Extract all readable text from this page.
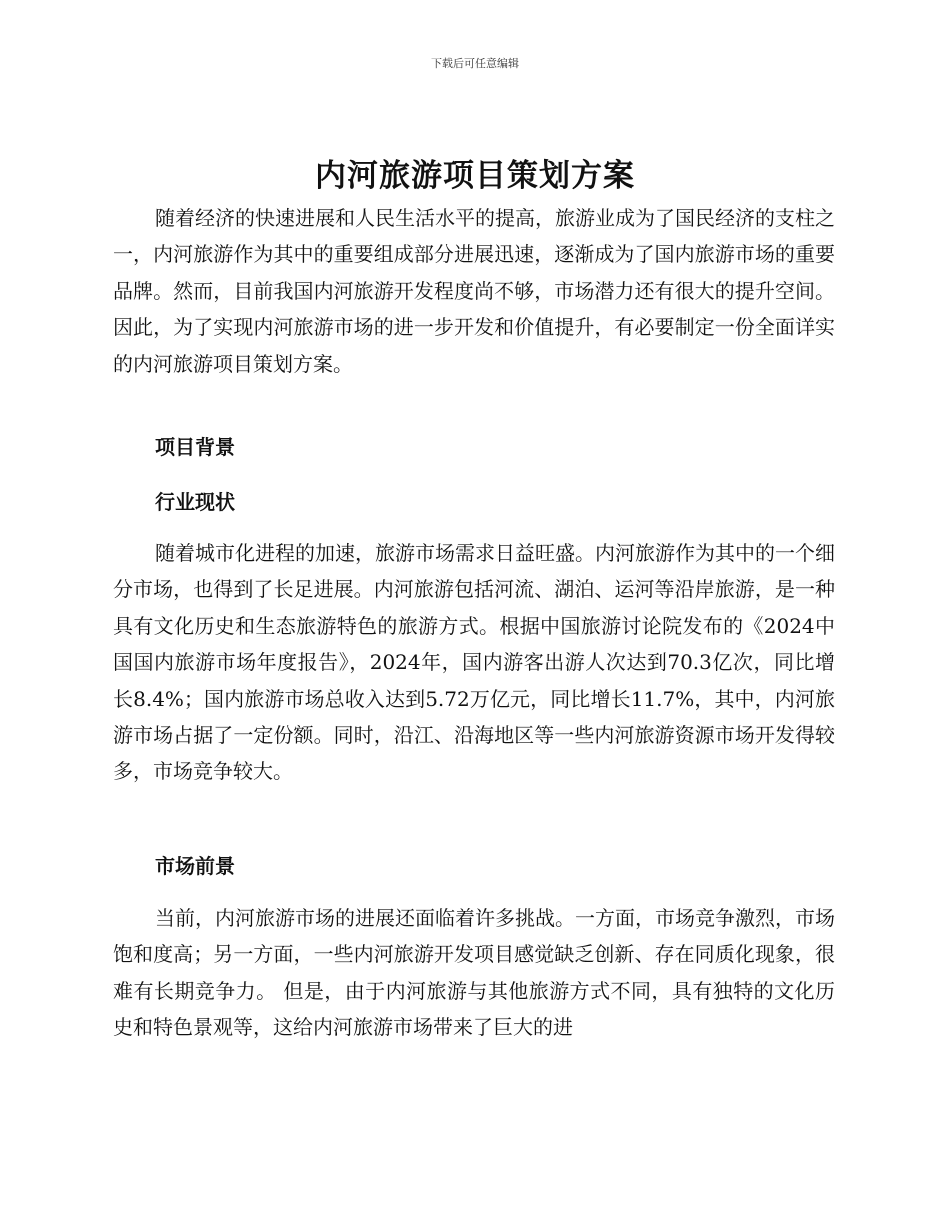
下载后可任意编辑
内河旅游项目策划方案

随着经济的快速进展和人民生活水平的提高，旅游业成为了国民经济的支柱之一，内河旅游作为其中的重要组成部分进展迅速，逐渐成为了国内旅游市场的重要品牌。然而，目前我国内河旅游开发程度尚不够，市场潜力还有很大的提升空间。因此，为了实现内河旅游市场的进一步开发和价值提升，有必要制定一份全面详实的内河旅游项目策划方案。

项目背景

行业现状

随着城市化进程的加速，旅游市场需求日益旺盛。内河旅游作为其中的一个细分市场，也得到了长足进展。内河旅游包括河流、湖泊、运河等沿岸旅游，是一种具有文化历史和生态旅游特色的旅游方式。根据中国旅游讨论院发布的《2024中国国内旅游市场年度报告》，2024年，国内游客出游人次达到70.3亿次，同比增长8.4%；国内旅游市场总收入达到5.72万亿元，同比增长11.7%，其中，内河旅游市场占据了一定份额。同时，沿江、沿海地区等一些内河旅游资源市场开发得较多，市场竞争较大。

市场前景

当前，内河旅游市场的进展还面临着许多挑战。一方面，市场竞争激烈，市场饱和度高；另一方面，一些内河旅游开发项目感觉缺乏创新、存在同质化现象，很难有长期竞争力。 但是，由于内河旅游与其他旅游方式不同，具有独特的文化历史和特色景观等，这给内河旅游市场带来了巨大的进
